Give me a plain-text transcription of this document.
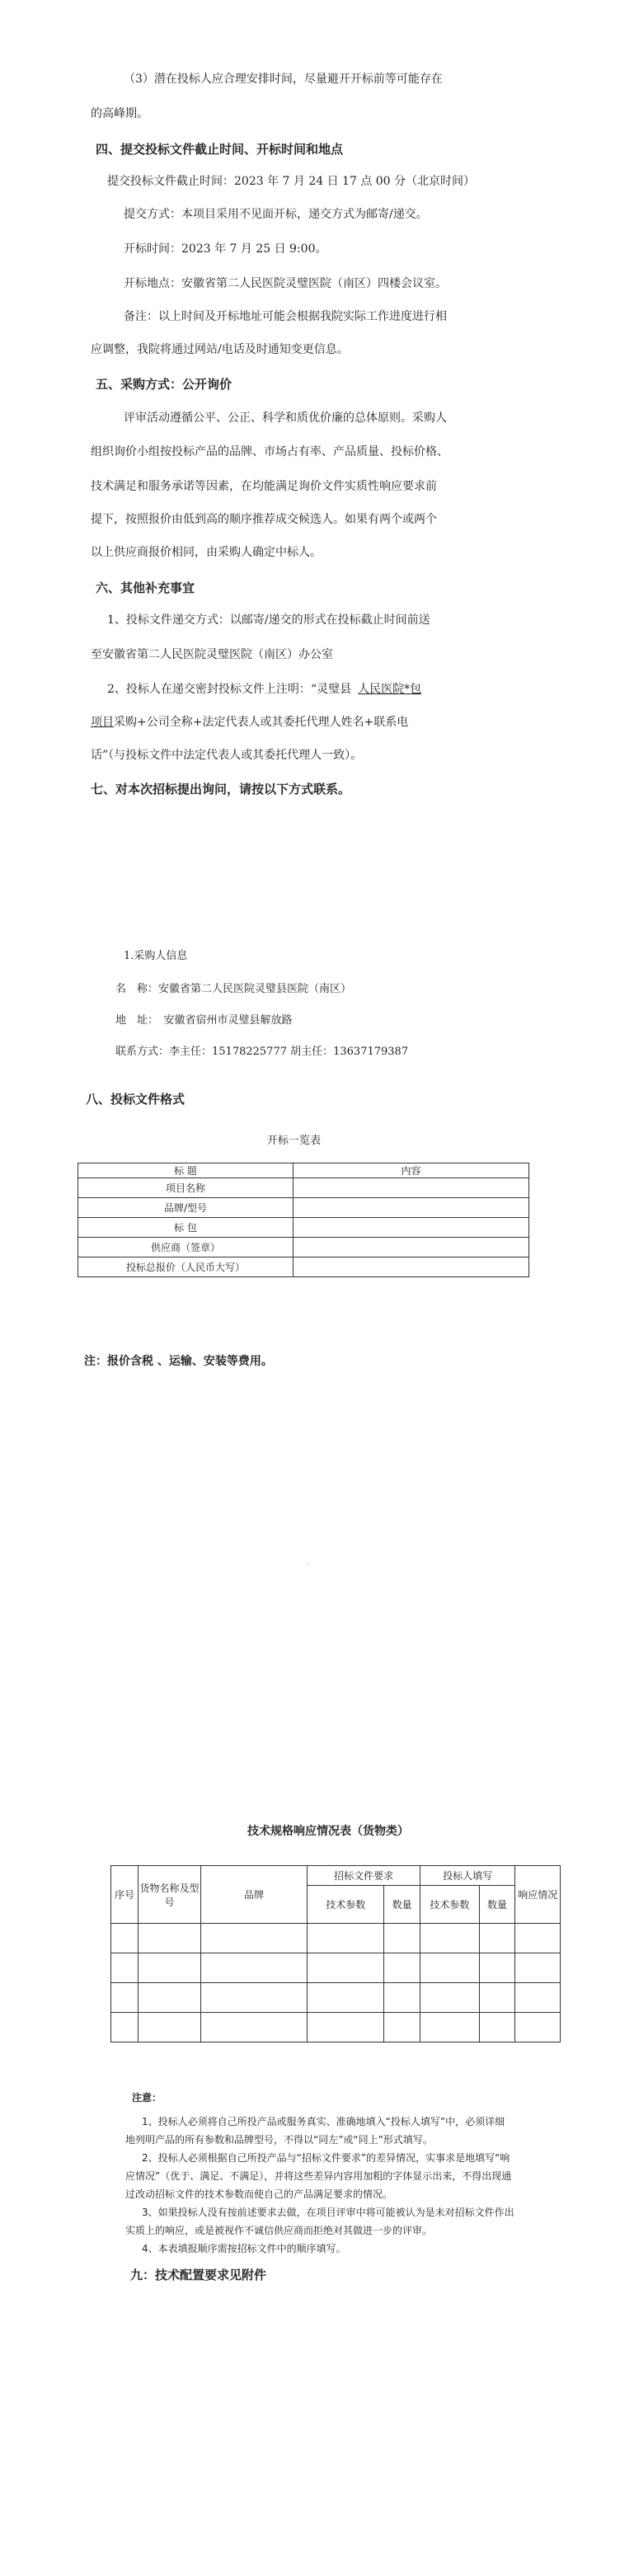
（3）潜在投标人应合理安排时间，尽量避开开标前等可能存在
的高峰期。
四、提交投标文件截止时间、开标时间和地点
提交投标文件截止时间：2023 年 7 月 24 日 17 点 00 分（北京时间）
提交方式：本项目采用不见面开标，递交方式为邮寄/递交。
开标时间：2023 年 7 月 25 日 9:00。
开标地点：安徽省第二人民医院灵璧医院（南区）四楼会议室。
备注：以上时间及开标地址可能会根据我院实际工作进度进行相
应调整，我院将通过网站/电话及时通知变更信息。
五、采购方式：公开询价
评审活动遵循公平、公正、科学和质优价廉的总体原则。采购人
组织询价小组按投标产品的品牌、市场占有率、产品质量、投标价格、
技术满足和服务承诺等因素，在均能满足询价文件实质性响应要求前
提下，按照报价由低到高的顺序推荐成交候选人。如果有两个或两个
以上供应商报价相同，由采购人确定中标人。
六、其他补充事宜
1、投标文件递交方式：以邮寄/递交的形式在投标截止时间前送
至安徽省第二人民医院灵璧医院（南区）办公室
2、投标人在递交密封投标文件上注明：“灵璧县 人民医院*包
项目采购+公司全称+法定代表人或其委托代理人姓名+联系电
话”（与投标文件中法定代表人或其委托代理人一致）。
七、对本次招标提出询问，请按以下方式联系。
1.采购人信息
名　称：安徽省第二人民医院灵璧县医院（南区）
地　址：　安徽省宿州市灵璧县解放路
联系方式：李主任：15178225777 胡主任：13637179387
八、投标文件格式
开标一览表
标 题	内容
项目名称	
品牌/型号	
标 包	
供应商（签章）	
投标总报价（人民币大写）	
注：报价含税 、运输、安装等费用。
·
技术规格响应情况表（货物类）
序号	货物名称及型号	品牌	招标文件要求		投标人填写		响应情况
			技术参数	数量	技术参数	数量	

注意：
1、投标人必须将自己所投产品或服务真实、准确地填入“投标人填写”中，必须详细
地列明产品的所有参数和品牌型号，不得以“同左”或“同上”形式填写。
2、投标人必须根据自己所投产品与“招标文件要求”的差异情况，实事求是地填写“响
应情况”（优于、满足、不满足），并将这些差异内容用加粗的字体显示出来，不得出现通
过改动招标文件的技术参数而使自己的产品满足要求的情况。
3、如果投标人没有按前述要求去做，在项目评审中将可能被认为是未对招标文件作出
实质上的响应，或是被视作不诚信供应商而拒绝对其做进一步的评审。
4、本表填报顺序需按招标文件中的顺序填写。
九：技术配置要求见附件
